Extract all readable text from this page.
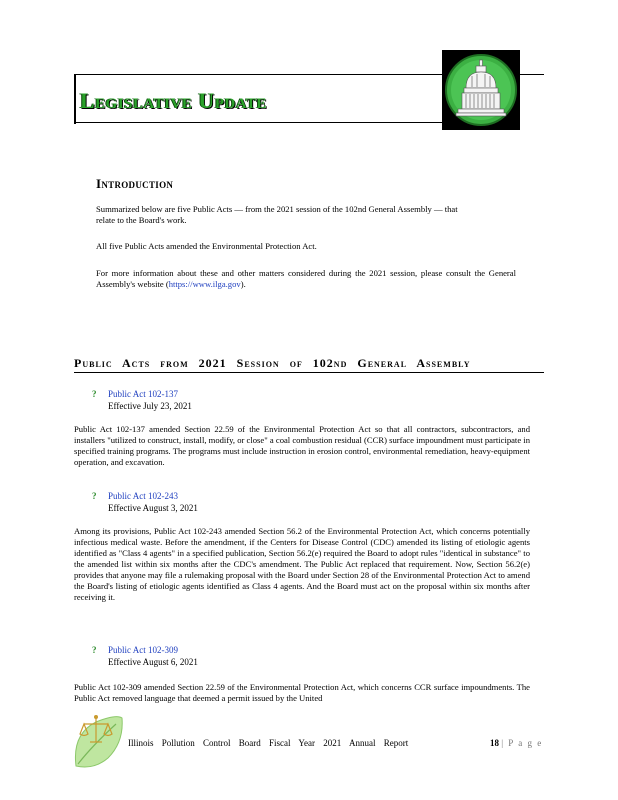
Legislative Update
Introduction
Summarized below are five Public Acts — from the 2021 session of the 102nd General Assembly — that relate to the Board's work.
All five Public Acts amended the Environmental Protection Act.
For more information about these and other matters considered during the 2021 session, please consult the General Assembly's website (https://www.ilga.gov).
Public Acts from 2021 Session of 102nd General Assembly
? Public Act 102-137
Effective July 23, 2021
Public Act 102-137 amended Section 22.59 of the Environmental Protection Act so that all contractors, subcontractors, and installers "utilized to construct, install, modify, or close" a coal combustion residual (CCR) surface impoundment must participate in specified training programs. The programs must include instruction in erosion control, environmental remediation, heavy-equipment operation, and excavation.
? Public Act 102-243
Effective August 3, 2021
Among its provisions, Public Act 102-243 amended Section 56.2 of the Environmental Protection Act, which concerns potentially infectious medical waste. Before the amendment, if the Centers for Disease Control (CDC) amended its listing of etiologic agents identified as "Class 4 agents" in a specified publication, Section 56.2(e) required the Board to adopt rules "identical in substance" to the amended list within six months after the CDC's amendment. The Public Act replaced that requirement. Now, Section 56.2(e) provides that anyone may file a rulemaking proposal with the Board under Section 28 of the Environmental Protection Act to amend the Board's listing of etiologic agents identified as Class 4 agents. And the Board must act on the proposal within six months after receiving it.
? Public Act 102-309
Effective August 6, 2021
Public Act 102-309 amended Section 22.59 of the Environmental Protection Act, which concerns CCR surface impoundments. The Public Act removed language that deemed a permit issued by the United
Illinois Pollution Control Board Fiscal Year 2021 Annual Report	18 | P a g e
